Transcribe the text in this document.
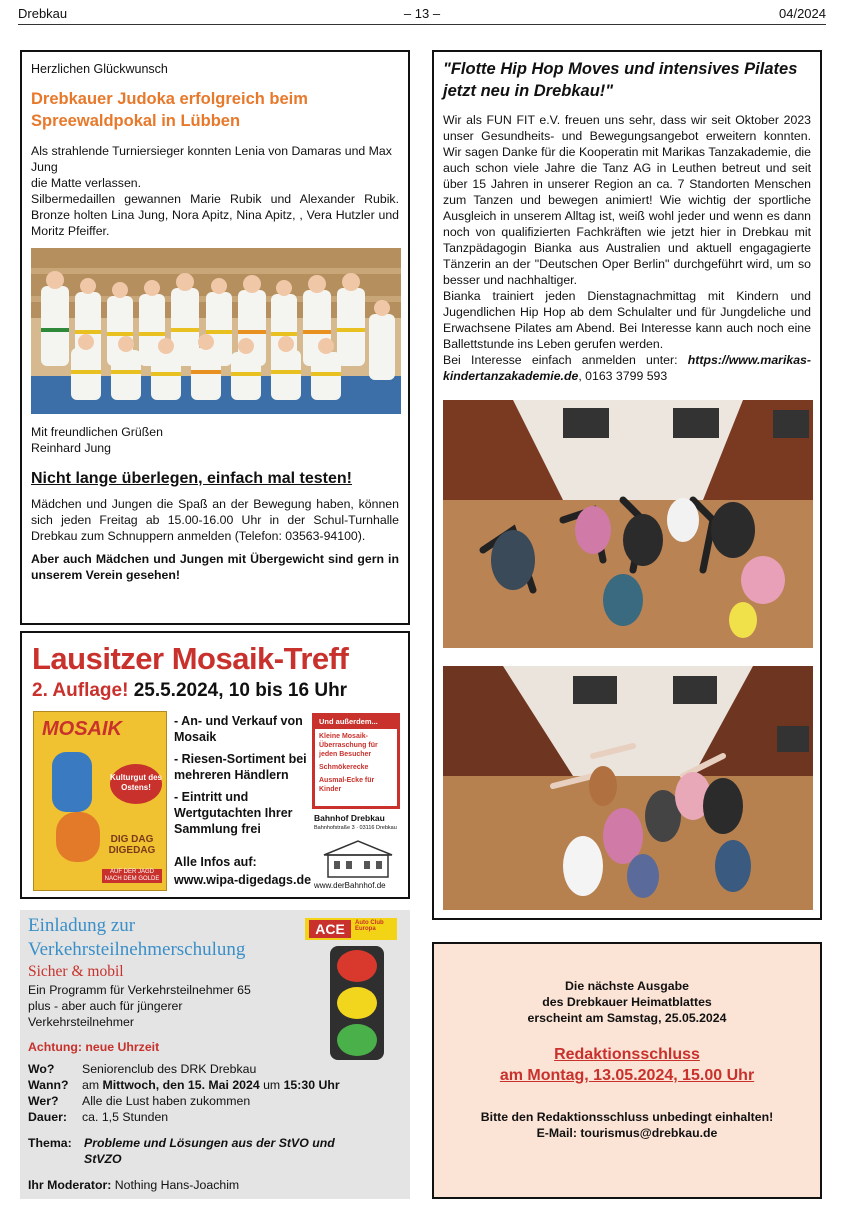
Drebkau	– 13 –	04/2024
Herzlichen Glückwunsch
Drebkauer Judoka erfolgreich beim Spreewaldpokal in Lübben

Als strahlende Turniersieger konnten Lenia von Damaras und Max Jung

die Matte verlassen.

Silbermedaillen gewannen Marie Rubik und Alexander Rubik. Bronze holten Lina Jung, Nora Apitz, Nina Apitz, , Vera Hutzler und Moritz Pfeiffer.

Mit freundlichen Grüßen

Reinhard Jung

Nicht lange überlegen, einfach mal testen!

Mädchen und Jungen die Spaß an der Bewegung haben, können sich jeden Freitag ab 15.00-16.00 Uhr in der Schul-Turnhalle Drebkau zum Schnuppern anmelden (Telefon: 03563-94100).

Aber auch Mädchen und Jungen mit Übergewicht sind gern in unserem Verein gesehen!

Lausitzer Mosaik-Treff
2. Auflage! 25.5.2024, 10 bis 16 Uhr
MOSAIK
Kulturgut des Ostens!
DIG DAG DIGEDAG
AUF DER JAGD NACH DEM GOLDE
- An- und Verkauf von Mosaik
- Riesen-Sortiment bei mehreren Händlern
- Eintritt und Wertgutachten Ihrer Sammlung frei
Alle Infos auf:
www.wipa-digedags.de
Und außerdem...
Kleine Mosaik-Überraschung für jeden Besucher
Schmökerecke
Ausmal-Ecke für Kinder
Bahnhof Drebkau
Bahnhofstraße 3 · 03116 Drebkau
www.derBahnhof.de
Einladung zur
Verkehrsteilnehmerschulung
Sicher & mobil

Ein Programm für Verkehrsteilnehmer 65 plus - aber auch für jüngerer Verkehrsteilnehmer

ACE	Auto Club Europa
Achtung: neue Uhrzeit
Wo?	Seniorenclub des DRK Drebkau
Wann?	am Mittwoch, den 15. Mai 2024 um 15:30 Uhr
Wer?	Alle die Lust haben zukommen
Dauer:	ca. 1,5 Stunden
Thema:	Probleme und Lösungen aus der StVO und StVZO

Ihr Moderator: Nothing Hans-Joachim

"Flotte Hip Hop Moves und intensives Pilates jetzt neu in Drebkau!"

Wir als FUN FIT e.V. freuen uns sehr, dass wir seit Oktober 2023 unser Gesundheits- und Bewegungsangebot erweitern konnten. Wir sagen Danke für die Kooperatin mit Marikas Tanzakademie, die auch schon viele Jahre die Tanz AG in Leuthen betreut und seit über 15 Jahren in unserer Region an ca. 7 Standorten Menschen zum Tanzen und bewegen animiert! Wie wichtig der sportliche Ausgleich in unserem Alltag ist, weiß wohl jeder und wenn es dann noch von qualifizierten Fachkräften wie jetzt hier in Drebkau mit Tanzpädagogin Bianka aus Australien und aktuell engagagierte Tänzerin an der "Deutschen Oper Berlin" durchgeführt wird, um so besser und nachhaltiger.

Bianka trainiert jeden Dienstagnachmittag mit Kindern und Jugendlichen Hip Hop ab dem Schulalter und für Jungdeliche und Erwachsene Pilates am Abend. Bei Interesse kann auch noch eine Ballettstunde ins Leben gerufen werden.

Bei Interesse einfach anmelden unter: https://www.marikas-kindertanzakademie.de, 0163 3799 593

Die nächste Ausgabe
des Drebkauer Heimatblattes
erscheint am Samstag, 25.05.2024
Redaktionsschluss
am Montag, 13.05.2024, 15.00 Uhr
Bitte den Redaktionsschluss unbedingt einhalten!
E-Mail: tourismus@drebkau.de
